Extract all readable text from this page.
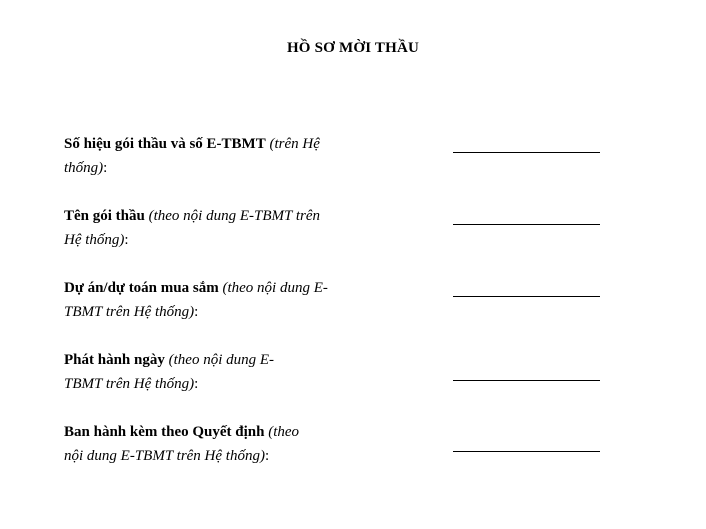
HỒ SƠ MỜI THẦU
Số hiệu gói thầu và số E-TBMT (trên Hệ
thống):
Tên gói thầu (theo nội dung E-TBMT trên
Hệ thống):
Dự án/dự toán mua sắm (theo nội dung E-
TBMT trên Hệ thống):
Phát hành ngày (theo nội dung E-
TBMT trên Hệ thống):
Ban hành kèm theo Quyết định (theo
nội dung E-TBMT trên Hệ thống):
